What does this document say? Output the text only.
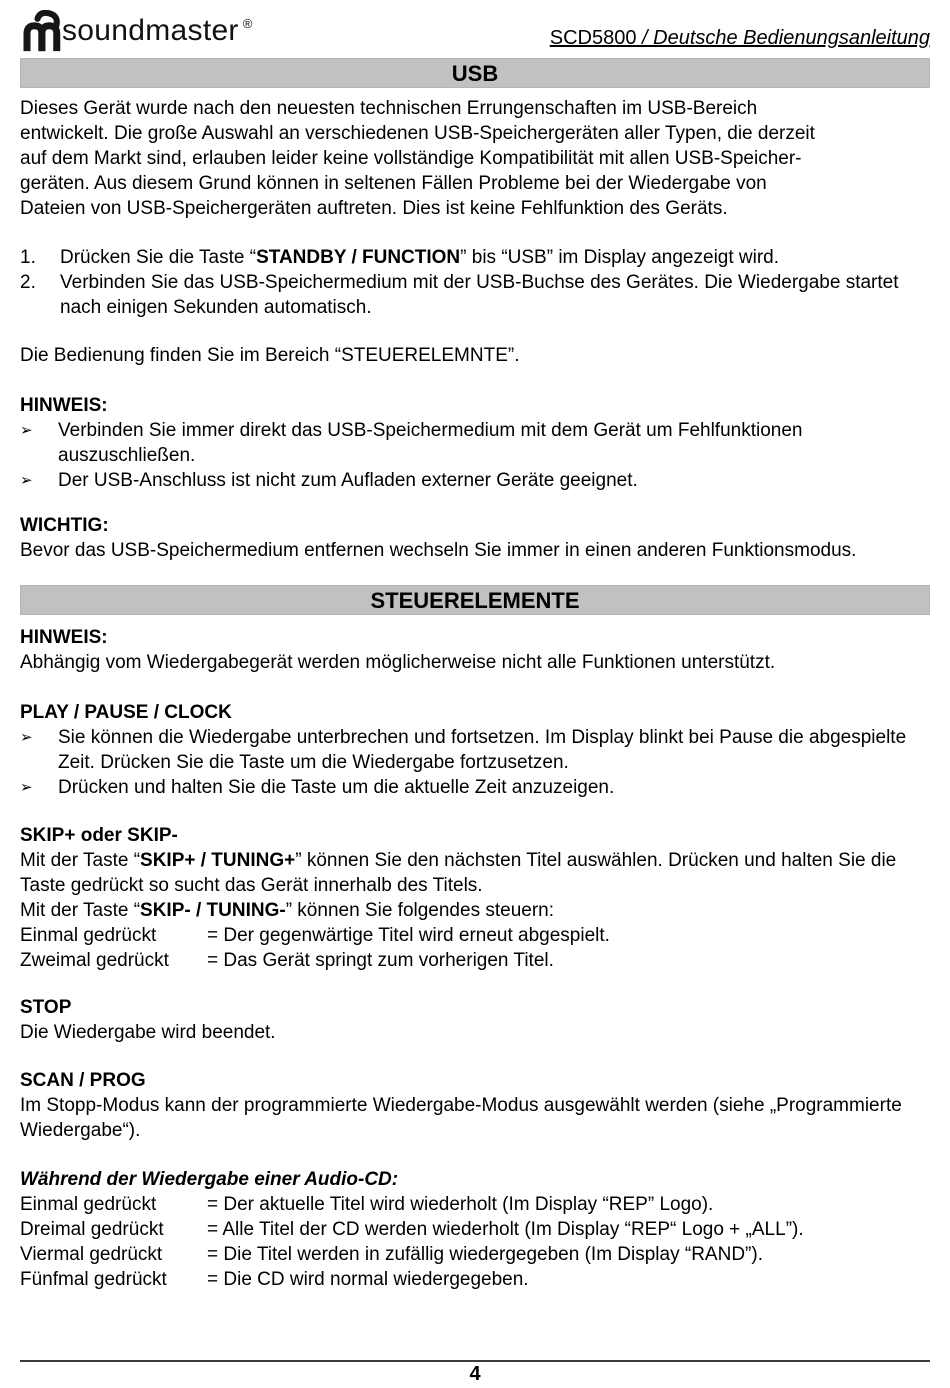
soundmaster ®
SCD5800 / Deutsche Bedienungsanleitung
USB
Dieses Gerät wurde nach den neuesten technischen Errungenschaften im USB-Bereich
entwickelt. Die große Auswahl an verschiedenen USB-Speichergeräten aller Typen, die derzeit
auf dem Markt sind, erlauben leider keine vollständige Kompatibilität mit allen USB-Speicher-
geräten. Aus diesem Grund können in seltenen Fällen Probleme bei der Wiedergabe von
Dateien von USB-Speichergeräten auftreten. Dies ist keine Fehlfunktion des Geräts.
1.	Drücken Sie die Taste “STANDBY / FUNCTION” bis “USB” im Display angezeigt wird.
2.	Verbinden Sie das USB-Speichermedium mit der USB-Buchse des Gerätes. Die Wiedergabe startet nach einigen Sekunden automatisch.
Die Bedienung finden Sie im Bereich “STEUERELEMNTE”.
HINWEIS:
➢	Verbinden Sie immer direkt das USB-Speichermedium mit dem Gerät um Fehlfunktionen auszuschließen.
➢	Der USB-Anschluss ist nicht zum Aufladen externer Geräte geeignet.
WICHTIG:
Bevor das USB-Speichermedium entfernen wechseln Sie immer in einen anderen Funktionsmodus.
STEUERELEMENTE
HINWEIS:
Abhängig vom Wiedergabegerät werden möglicherweise nicht alle Funktionen unterstützt.
PLAY / PAUSE / CLOCK
➢	Sie können die Wiedergabe unterbrechen und fortsetzen. Im Display blinkt bei Pause die abgespielte Zeit. Drücken Sie die Taste um die Wiedergabe fortzusetzen.
➢	Drücken und halten Sie die Taste um die aktuelle Zeit anzuzeigen.
SKIP+ oder SKIP-
Mit der Taste “SKIP+ / TUNING+” können Sie den nächsten Titel auswählen. Drücken und halten Sie die Taste gedrückt so sucht das Gerät innerhalb des Titels.
Mit der Taste “SKIP- / TUNING-” können Sie folgendes steuern:
Einmal gedrückt	= Der gegenwärtige Titel wird erneut abgespielt.
Zweimal gedrückt	= Das Gerät springt zum vorherigen Titel.
STOP
Die Wiedergabe wird beendet.
SCAN / PROG
Im Stopp-Modus kann der programmierte Wiedergabe-Modus ausgewählt werden (siehe „Programmierte Wiedergabe“).
Während der Wiedergabe einer Audio-CD:
Einmal gedrückt	= Der aktuelle Titel wird wiederholt (Im Display “REP” Logo).
Dreimal gedrückt	= Alle Titel der CD werden wiederholt (Im Display “REP“ Logo + „ALL”).
Viermal gedrückt	= Die Titel werden in zufällig wiedergegeben (Im Display “RAND”).
Fünfmal gedrückt	= Die CD wird normal wiedergegeben.
4
